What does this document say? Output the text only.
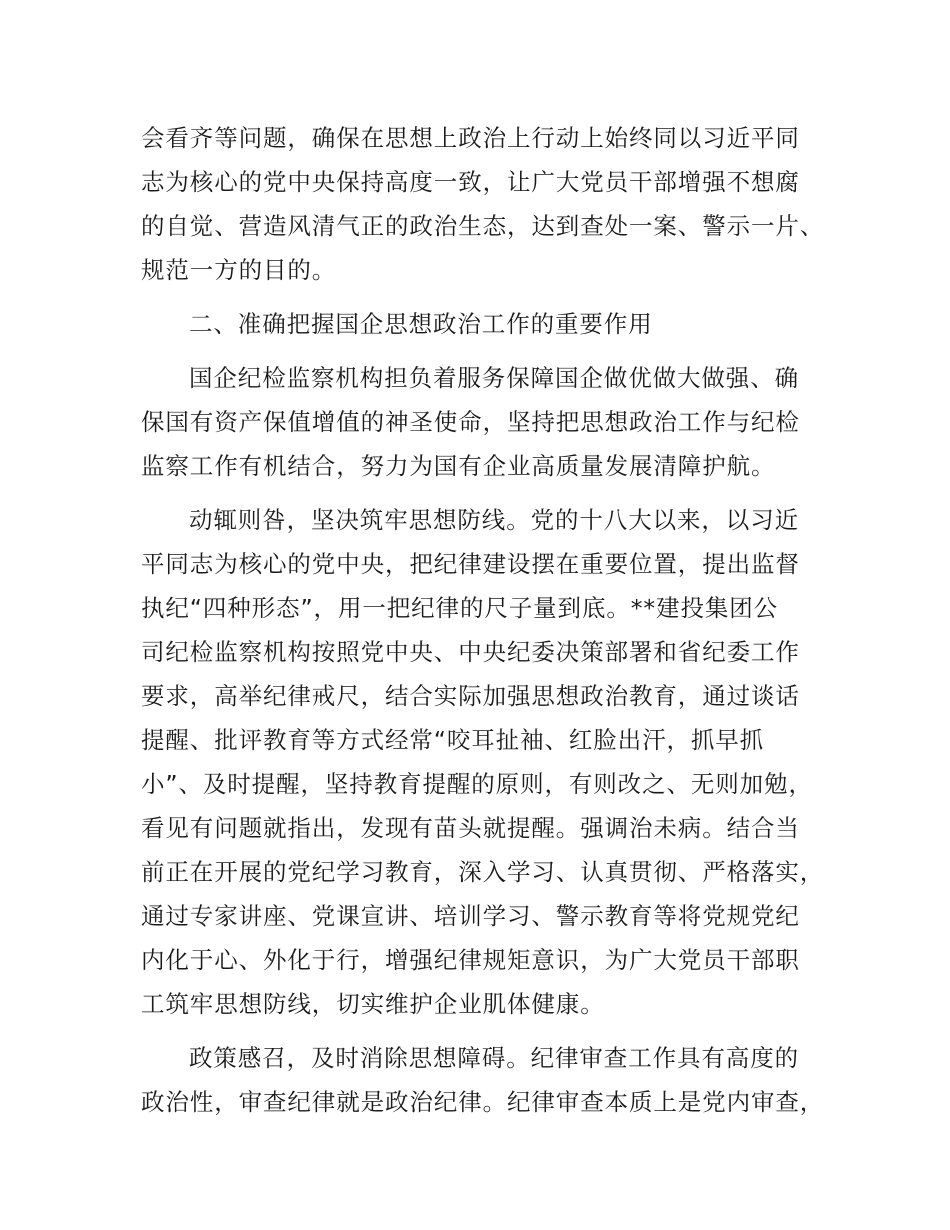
会看齐等问题，确保在思想上政治上行动上始终同以习近平同
志为核心的党中央保持高度一致，让广大党员干部增强不想腐
的自觉、营造风清气正的政治生态，达到查处一案、警示一片、
规范一方的目的。

二、准确把握国企思想政治工作的重要作用

国企纪检监察机构担负着服务保障国企做优做大做强、确
保国有资产保值增值的神圣使命，坚持把思想政治工作与纪检
监察工作有机结合，努力为国有企业高质量发展清障护航。

动辄则咎，坚决筑牢思想防线。党的十八大以来，以习近
平同志为核心的党中央，把纪律建设摆在重要位置，提出监督
执纪“四种形态”，用一把纪律的尺子量到底。**建投集团公
司纪检监察机构按照党中央、中央纪委决策部署和省纪委工作
要求，高举纪律戒尺，结合实际加强思想政治教育，通过谈话
提醒、批评教育等方式经常“咬耳扯袖、红脸出汗，抓早抓
小”、及时提醒，坚持教育提醒的原则，有则改之、无则加勉，
看见有问题就指出，发现有苗头就提醒。强调治未病。结合当
前正在开展的党纪学习教育，深入学习、认真贯彻、严格落实，
通过专家讲座、党课宣讲、培训学习、警示教育等将党规党纪
内化于心、外化于行，增强纪律规矩意识，为广大党员干部职
工筑牢思想防线，切实维护企业肌体健康。

政策感召，及时消除思想障碍。纪律审查工作具有高度的
政治性，审查纪律就是政治纪律。纪律审查本质上是党内审查，
